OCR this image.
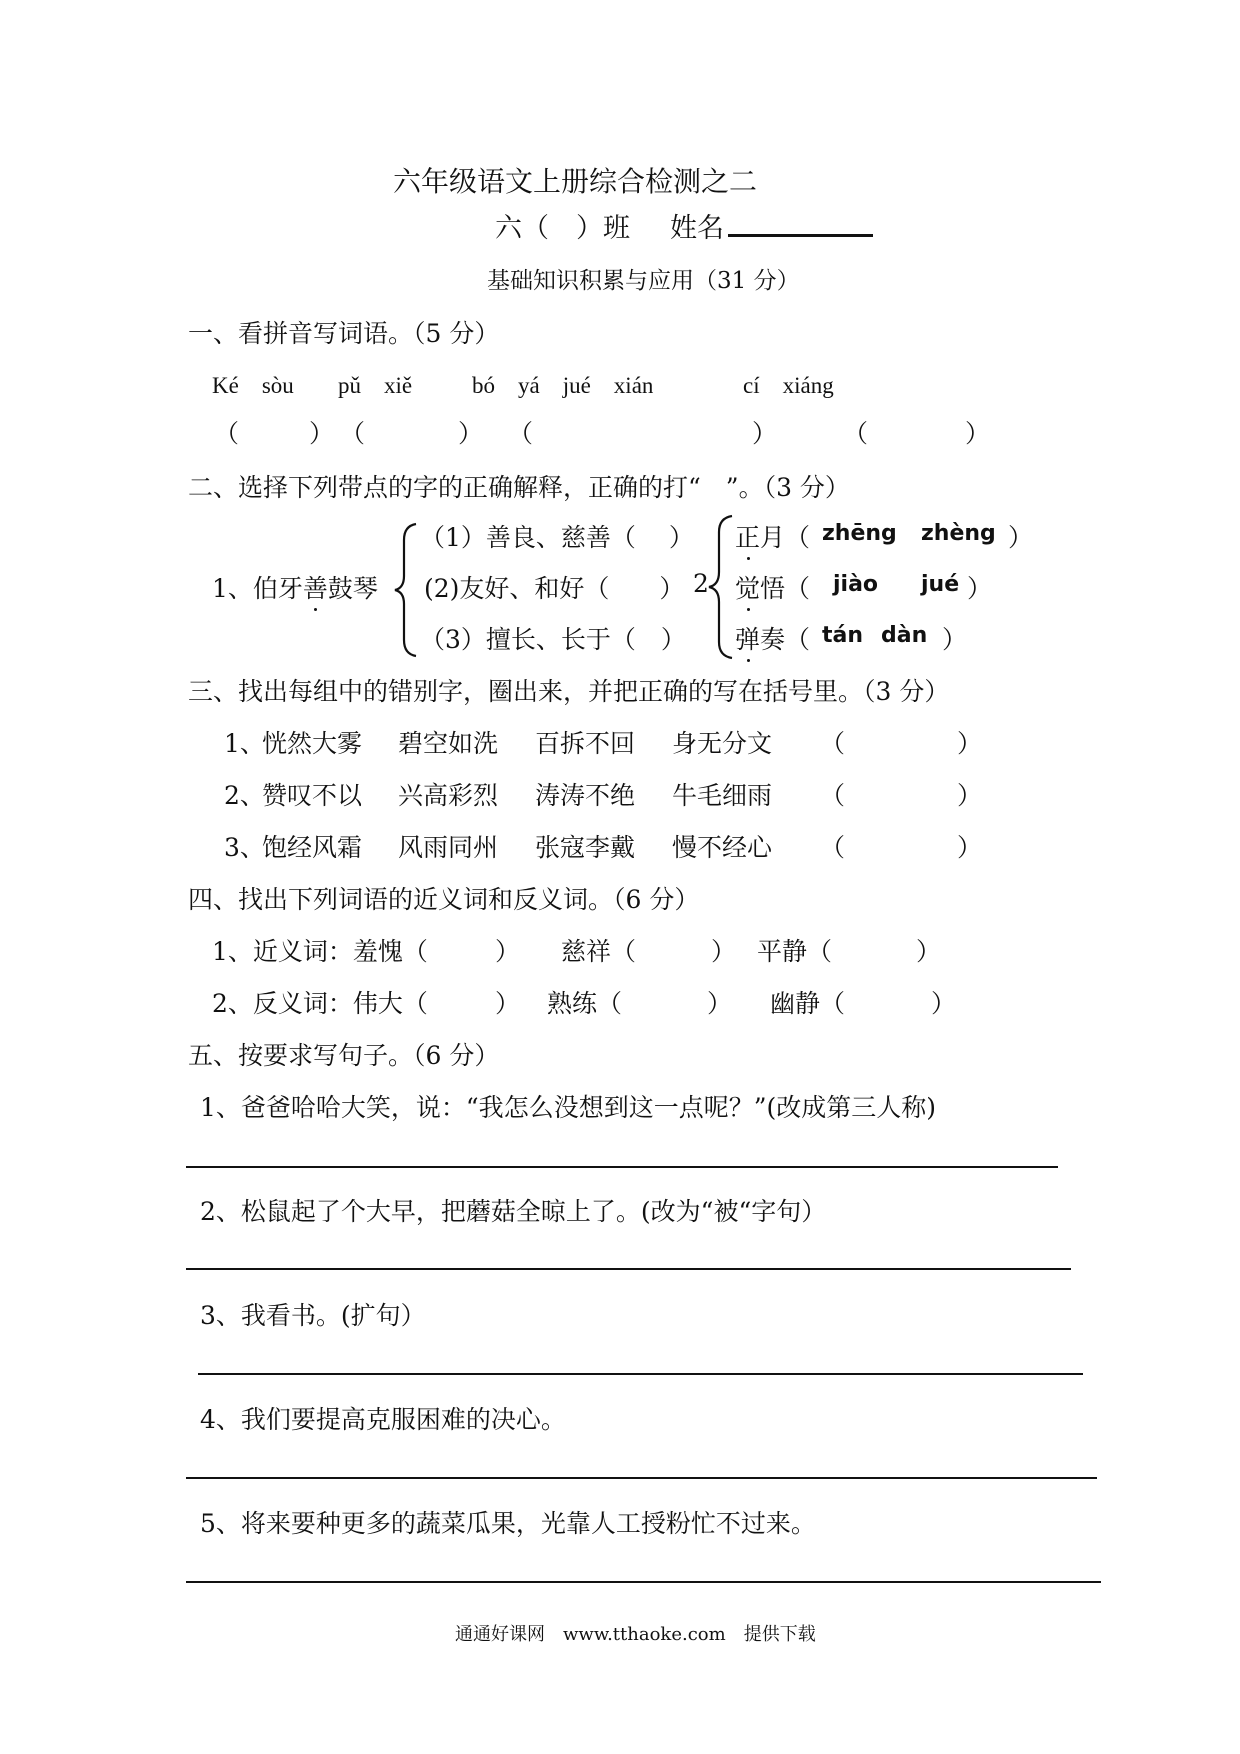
六年级语文上册综合检测之二
六（　）班 姓名
基础知识积累与应用（31 分）
一、看拼音写词语。（5 分）
Ké　sòu pǔ　xiě	bó　yá　jué　xián	cí　xiáng
（	） （	） （	）	（	）
二、选择下列带点的字的正确解释，正确的打“　”。（3 分）
1、伯牙善鼓琴
（1）善良、慈善（　 ）
(2)友好、和好（　　）
（3）擅长、长于（　）
2
正月（ zhēng zhèng ）
觉悟（ jiào jué ）
弹奏（ tán dàn ）
三、找出每组中的错别字，圈出来，并把正确的写在括号里。（3 分）
1、
恍然大雾 碧空如洗 百拆不回 身无分文 （	）
2、
赞叹不以 兴高彩烈 涛涛不绝 牛毛细雨 （	）
3、
饱经风霜 风雨同州 张寇李戴 慢不经心 （	）
四、找出下列词语的近义词和反义词。（6 分）
1、近义词：羞愧（	） 慈祥（	） 平静（	）
2、反义词：伟大（	） 熟练（	） 幽静（	）
五、按要求写句子。（6 分）
1、爸爸哈哈大笑，说：“我怎么没想到这一点呢？”(改成第三人称)
2、松鼠起了个大早，把蘑菇全晾上了。(改为“被“字句）
3、我看书。(扩句）
4、我们要提高克服困难的决心。
5、将来要种更多的蔬菜瓜果，光靠人工授粉忙不过来。
通通好课网　www.tthaoke.com　提供下载
